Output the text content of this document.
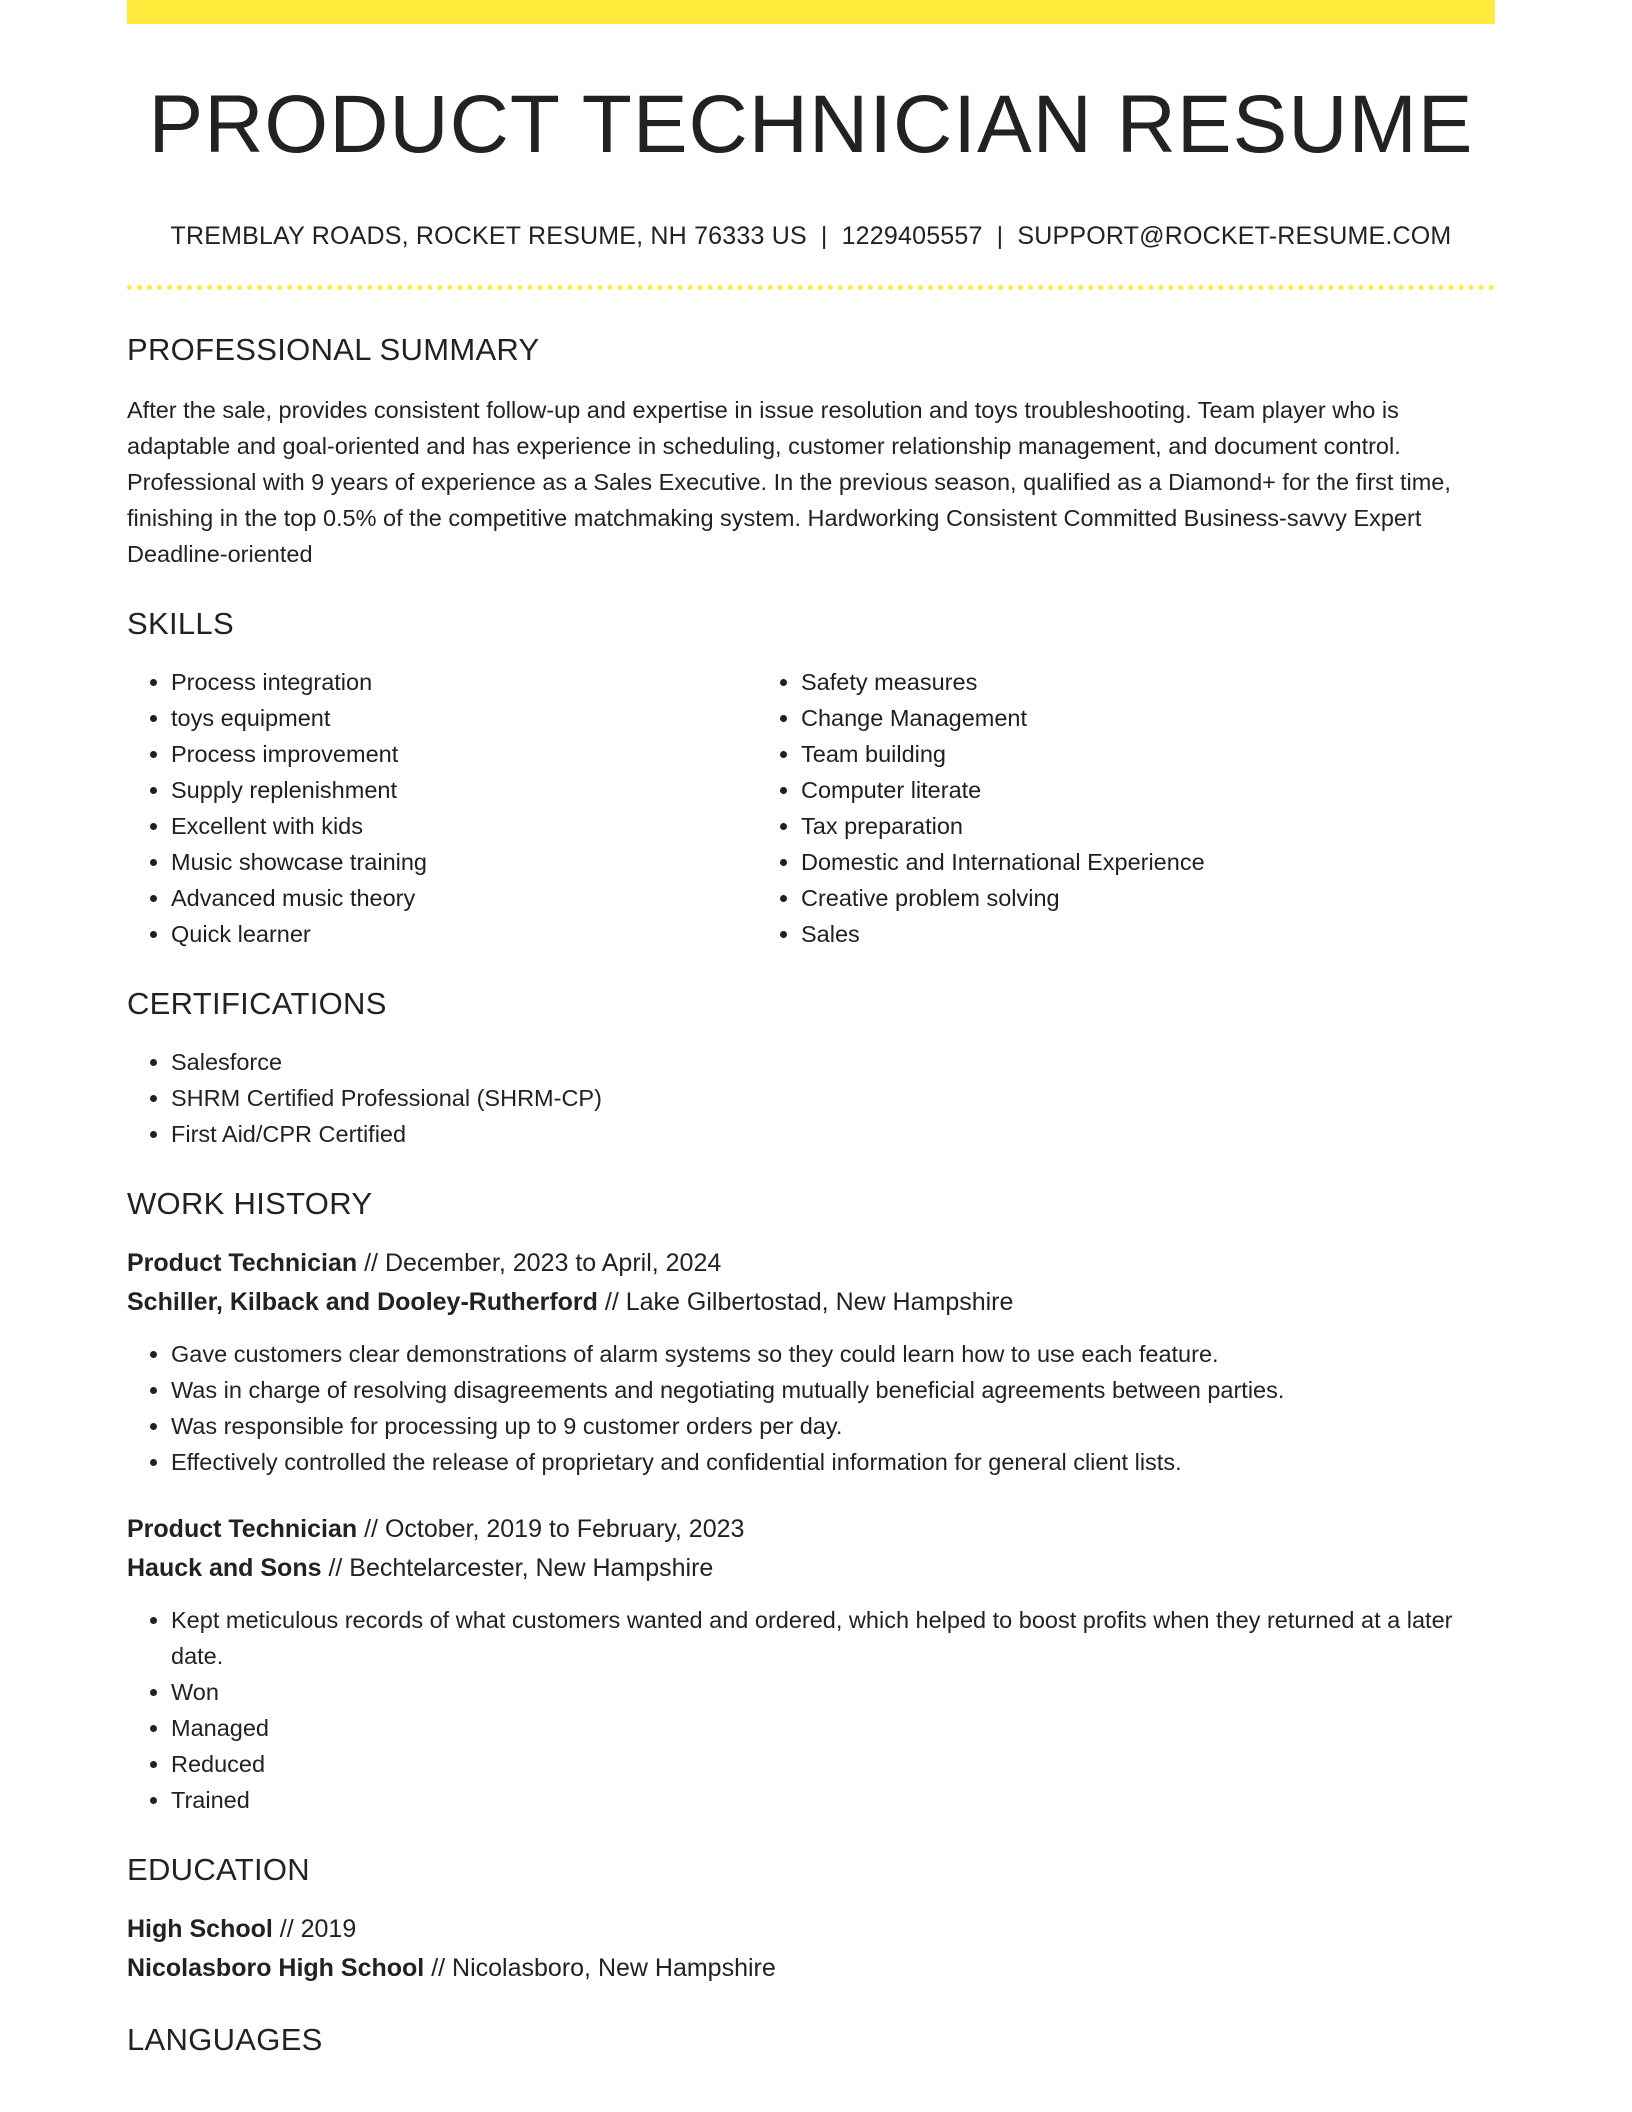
PRODUCT TECHNICIAN RESUME
TREMBLAY ROADS, ROCKET RESUME, NH 76333 US | 1229405557 | SUPPORT@ROCKET-RESUME.COM
PROFESSIONAL SUMMARY
After the sale, provides consistent follow-up and expertise in issue resolution and toys troubleshooting. Team player who is adaptable and goal-oriented and has experience in scheduling, customer relationship management, and document control. Professional with 9 years of experience as a Sales Executive. In the previous season, qualified as a Diamond+ for the first time, finishing in the top 0.5% of the competitive matchmaking system. Hardworking Consistent Committed Business-savvy Expert Deadline-oriented
SKILLS
• Process integration
• toys equipment
• Process improvement
• Supply replenishment
• Excellent with kids
• Music showcase training
• Advanced music theory
• Quick learner
• Safety measures
• Change Management
• Team building
• Computer literate
• Tax preparation
• Domestic and International Experience
• Creative problem solving
• Sales
CERTIFICATIONS
• Salesforce
• SHRM Certified Professional (SHRM-CP)
• First Aid/CPR Certified
WORK HISTORY
Product Technician // December, 2023 to April, 2024
Schiller, Kilback and Dooley-Rutherford // Lake Gilbertostad, New Hampshire
• Gave customers clear demonstrations of alarm systems so they could learn how to use each feature.
• Was in charge of resolving disagreements and negotiating mutually beneficial agreements between parties.
• Was responsible for processing up to 9 customer orders per day.
• Effectively controlled the release of proprietary and confidential information for general client lists.
Product Technician // October, 2019 to February, 2023
Hauck and Sons // Bechtelarcester, New Hampshire
• Kept meticulous records of what customers wanted and ordered, which helped to boost profits when they returned at a later date.
• Won
• Managed
• Reduced
• Trained
EDUCATION
High School // 2019
Nicolasboro High School // Nicolasboro, New Hampshire
LANGUAGES
